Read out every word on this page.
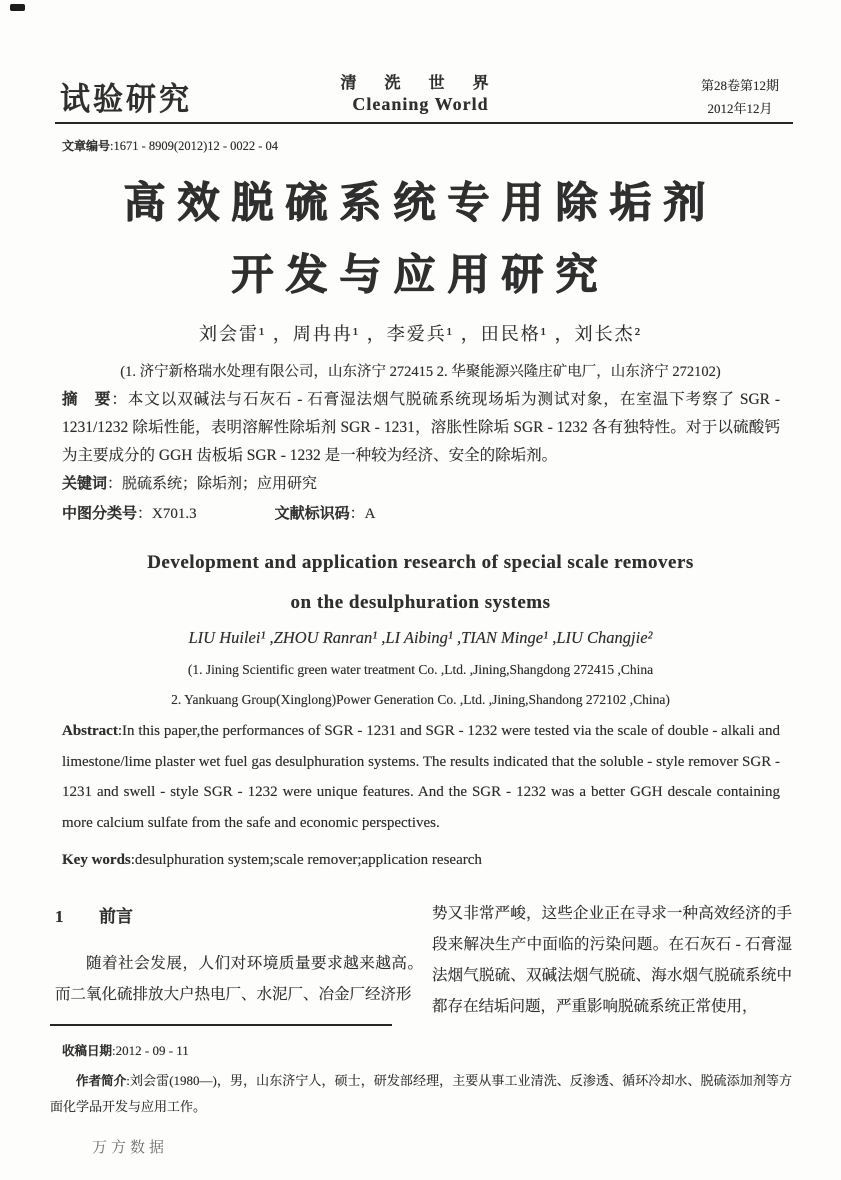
试验研究	清 洗 世 界
Cleaning World
第28卷第12期
2012年12月
文章编号:1671 - 8909(2012)12 - 0022 - 04
高效脱硫系统专用除垢剂
开发与应用研究
刘会雷¹ ，周冉冉¹ ，李爱兵¹ ，田民格¹ ，刘长杰²
(1. 济宁新格瑞水处理有限公司，山东济宁 272415 2. 华聚能源兴隆庄矿电厂，山东济宁 272102)

摘　要：本文以双碱法与石灰石 - 石膏湿法烟气脱硫系统现场垢为测试对象，在室温下考察了 SGR - 1231/1232 除垢性能，表明溶解性除垢剂 SGR - 1231，溶胀性除垢 SGR - 1232 各有独特性。对于以硫酸钙为主要成分的 GGH 齿板垢 SGR - 1232 是一种较为经济、安全的除垢剂。

关键词：脱硫系统；除垢剂；应用研究
中图分类号：X701.3	文献标识码：A
Development and application research of special scale removers
on the desulphuration systems
LIU Huilei¹ ,ZHOU Ranran¹ ,LI Aibing¹ ,TIAN Minge¹ ,LIU Changjie²
(1. Jining Scientific green water treatment Co. ,Ltd. ,Jining,Shangdong 272415 ,China
2. Yankuang Group(Xinglong)Power Generation Co. ,Ltd. ,Jining,Shandong 272102 ,China)

Abstract:In this paper,the performances of SGR - 1231 and SGR - 1232 were tested via the scale of double - alkali and limestone/lime plaster wet fuel gas desulphuration systems. The results indicated that the soluble - style remover SGR - 1231 and swell - style SGR - 1232 were unique features. And the SGR - 1232 was a better GGH descale containing more calcium sulfate from the safe and economic perspectives.

Key words:desulphuration system;scale remover;application research
1 前言

随着社会发展，人们对环境质量要求越来越高。而二氧化硫排放大户热电厂、水泥厂、冶金厂经济形

势又非常严峻，这些企业正在寻求一种高效经济的手段来解决生产中面临的污染问题。在石灰石 - 石膏湿法烟气脱硫、双碱法烟气脱硫、海水烟气脱硫系统中都存在结垢问题，严重影响脱硫系统正常使用，

收稿日期:2012 - 09 - 11

作者简介:刘会雷(1980—)，男，山东济宁人，硕士，研发部经理，主要从事工业清洗、反渗透、循环冷却水、脱硫添加剂等方面化学品开发与应用工作。

万方数据
